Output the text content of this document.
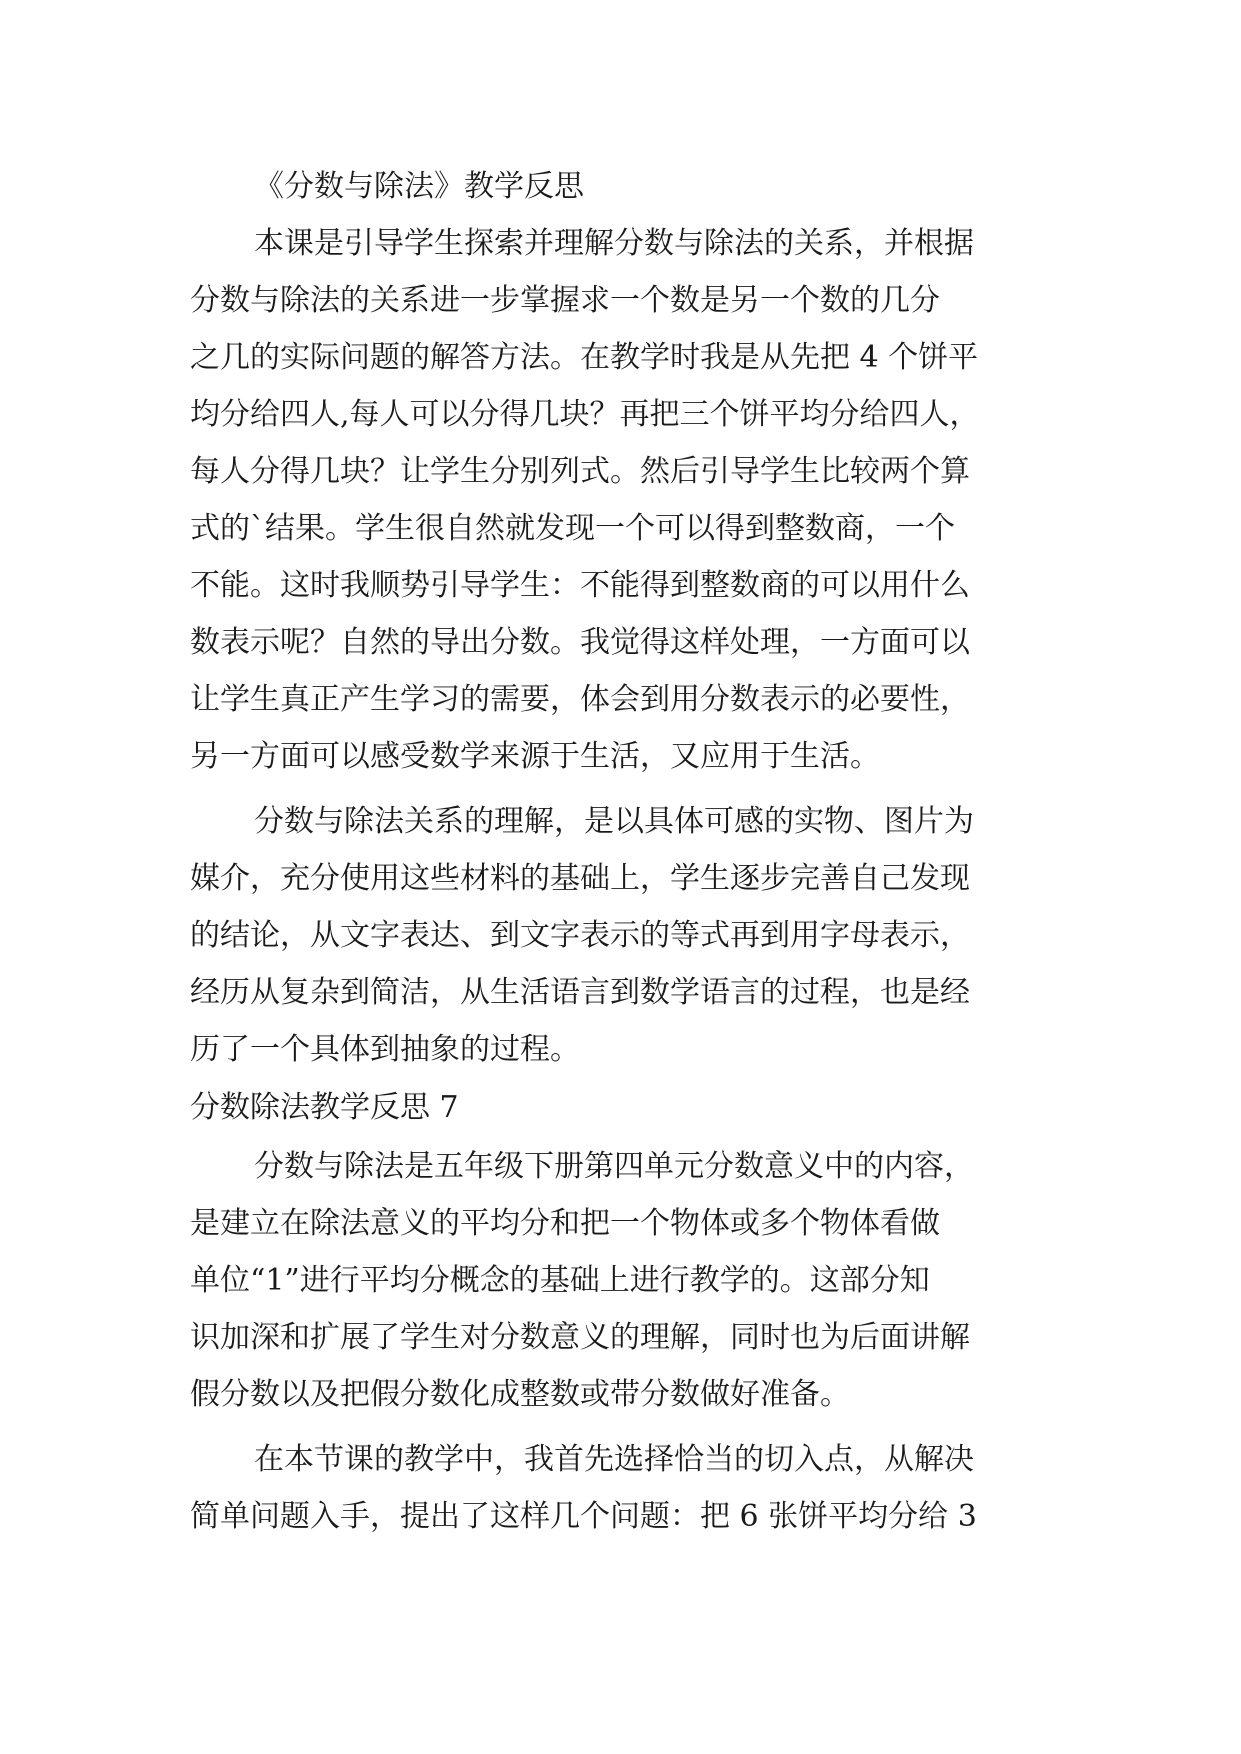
《分数与除法》教学反思
本课是引导学生探索并理解分数与除法的关系，并根据
分数与除法的关系进一步掌握求一个数是另一个数的几分
之几的实际问题的解答方法。在教学时我是从先把 4 个饼平
均分给四人,每人可以分得几块？再把三个饼平均分给四人，
每人分得几块？让学生分别列式。然后引导学生比较两个算
式的`结果。学生很自然就发现一个可以得到整数商，一个
不能。这时我顺势引导学生：不能得到整数商的可以用什么
数表示呢？自然的导出分数。我觉得这样处理，一方面可以
让学生真正产生学习的需要，体会到用分数表示的必要性，
另一方面可以感受数学来源于生活，又应用于生活。
分数与除法关系的理解，是以具体可感的实物、图片为
媒介，充分使用这些材料的基础上，学生逐步完善自己发现
的结论，从文字表达、到文字表示的等式再到用字母表示，
经历从复杂到简洁，从生活语言到数学语言的过程，也是经
历了一个具体到抽象的过程。
分数除法教学反思 7
分数与除法是五年级下册第四单元分数意义中的内容，
是建立在除法意义的平均分和把一个物体或多个物体看做
单位“1”进行平均分概念的基础上进行教学的。这部分知
识加深和扩展了学生对分数意义的理解，同时也为后面讲解
假分数以及把假分数化成整数或带分数做好准备。
在本节课的教学中，我首先选择恰当的切入点，从解决
简单问题入手，提出了这样几个问题：把 6 张饼平均分给 3
